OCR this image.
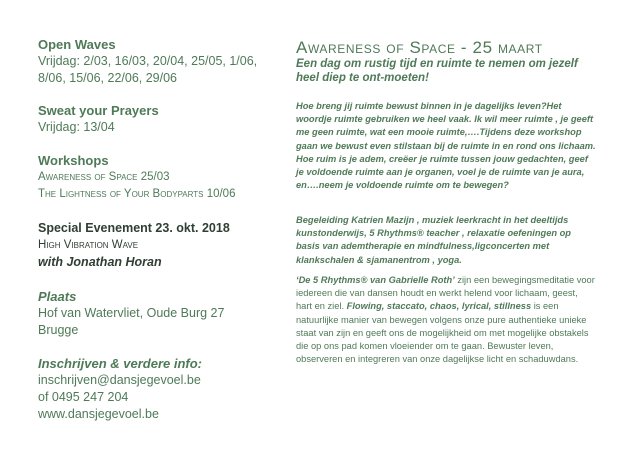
Open Waves

Vrijdag: 2/03, 16/03, 20/04, 25/05, 1/06,

8/06, 15/06, 22/06, 29/06

Sweat your Prayers

Vrijdag: 13/04

Workshops

Awareness of Space 25/03

The Lightness of Your Bodyparts 10/06

Special Evenement 23. okt. 2018

High Vibration Wave

with Jonathan Horan

Plaats

Hof van Watervliet, Oude Burg 27

Brugge

Inschrijven & verdere info:

inschrijven@dansjegevoel.be

of 0495 247 204

www.dansjegevoel.be

Awareness of Space - 25 maart

Een dag om rustig tijd en ruimte te nemen om jezelf

heel diep te ont-moeten!

Hoe breng jij ruimte bewust binnen in je dagelijks leven?Het woordje ruimte gebruiken we heel vaak. Ik wil meer ruimte , je geeft me geen ruimte, wat een mooie ruimte,….Tijdens deze workshop gaan we bewust even stilstaan bij de ruimte in en rond ons lichaam. Hoe ruim is je adem, creëer je ruimte tussen jouw gedachten, geef je voldoende ruimte aan je organen, voel je de ruimte van je aura, en….neem je voldoende ruimte om te bewegen?

Begeleiding Katrien Mazijn , muziek leerkracht in het deeltijds kunstonderwijs, 5 Rhythms® teacher , relaxatie oefeningen op basis van ademtherapie en mindfulness,ligconcerten met klankschalen & sjamanentrom , yoga.

‘De 5 Rhythms® van Gabrielle Roth’ zijn een bewegingsmeditatie voor iedereen die van dansen houdt en werkt helend voor lichaam, geest, hart en ziel. Flowing, staccato, chaos, lyrical, stillness is een natuurlijke manier van bewegen volgens onze pure authentieke unieke staat van zijn en geeft ons de mogelijkheid om met mogelijke obstakels die op ons pad komen vloeiender om te gaan. Bewuster leven, observeren en integreren van onze dagelijkse licht en schaduwdans.
